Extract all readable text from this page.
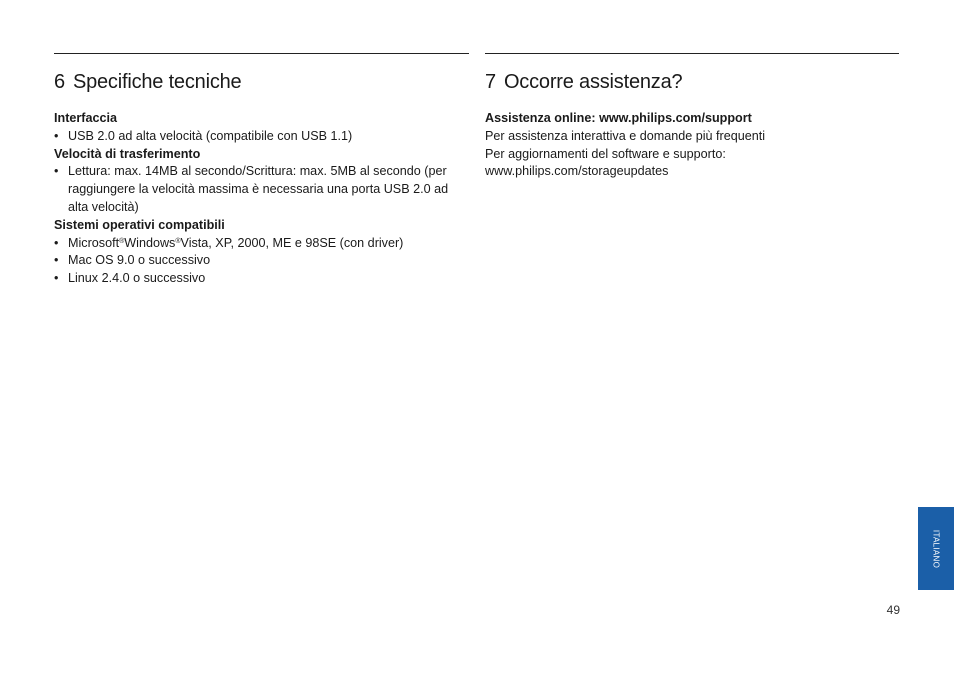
6 Specifiche tecniche
Interfaccia
• USB 2.0 ad alta velocità (compatibile con USB 1.1)
Velocità di trasferimento
• Lettura: max. 14MB al secondo/Scrittura: max. 5MB al secondo (per raggiungere la velocità massima è necessaria una porta USB 2.0 ad alta velocità)
Sistemi operativi compatibili
• Microsoft®Windows®Vista, XP, 2000, ME e 98SE (con driver)
• Mac OS 9.0 o successivo
• Linux 2.4.0 o successivo
7 Occorre assistenza?
Assistenza online: www.philips.com/support

Per assistenza interattiva e domande più frequenti

Per aggiornamenti del software e supporto:

www.philips.com/storageupdates

ITALIANO
49
